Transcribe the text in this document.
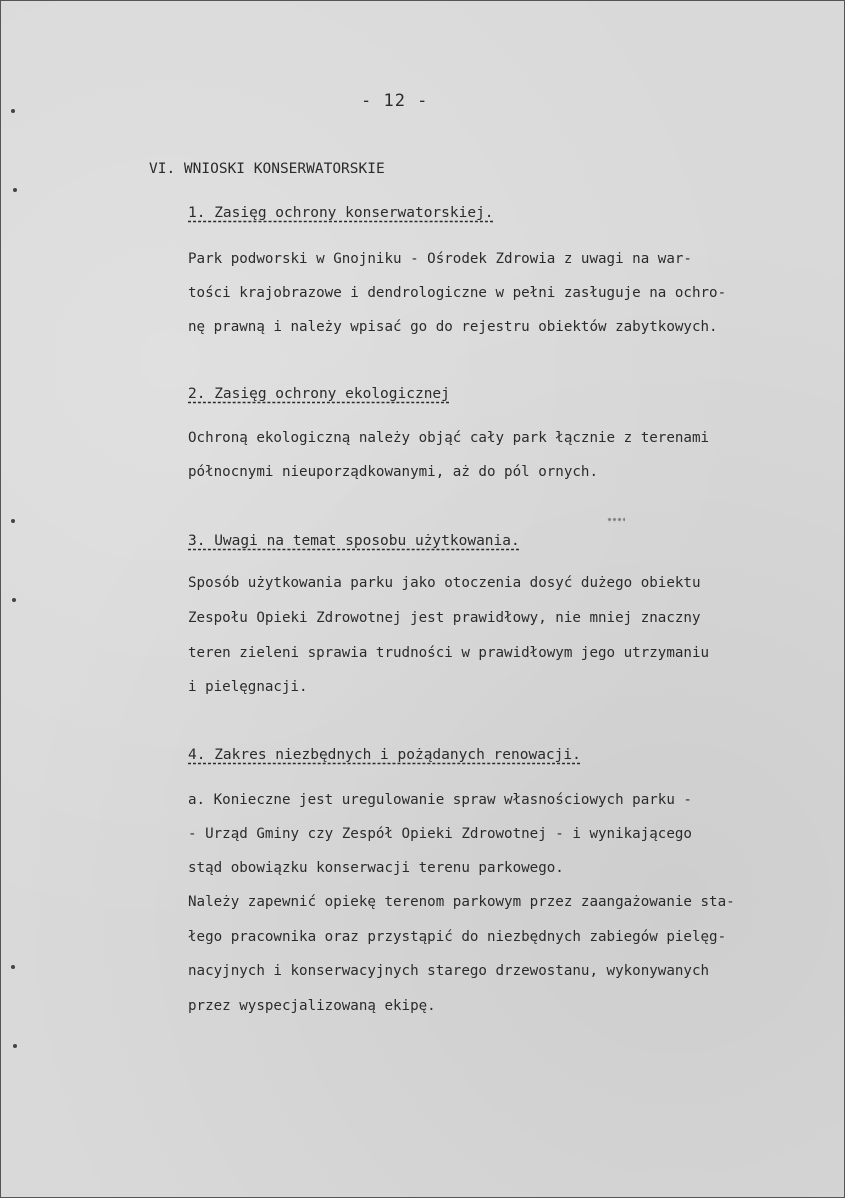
- 12 -
VI. WNIOSKI KONSERWATORSKIE
1. Zasięg ochrony konserwatorskiej.
Park podworski w Gnojniku - Ośrodek Zdrowia z uwagi na war-
tości krajobrazowe i dendrologiczne w pełni zasługuje na ochro-
nę prawną i należy wpisać go do rejestru obiektów zabytkowych.
2. Zasięg ochrony ekologicznej
Ochroną ekologiczną należy objąć cały park łącznie z terenami
północnymi nieuporządkowanymi, aż do pól ornych.
3. Uwagi na temat sposobu użytkowania.
Sposób użytkowania parku jako otoczenia dosyć dużego obiektu
Zespołu Opieki Zdrowotnej jest prawidłowy, nie mniej znaczny
teren zieleni sprawia trudności w prawidłowym jego utrzymaniu
i pielęgnacji.
4. Zakres niezbędnych i pożądanych renowacji.
a. Konieczne jest uregulowanie spraw własnościowych parku -
- Urząd Gminy czy Zespół Opieki Zdrowotnej - i wynikającego
stąd obowiązku konserwacji terenu parkowego.
Należy zapewnić opiekę terenom parkowym przez zaangażowanie sta-
łego pracownika oraz przystąpić do niezbędnych zabiegów pielęg-
nacyjnych i konserwacyjnych starego drzewostanu, wykonywanych
przez wyspecjalizowaną ekipę.
